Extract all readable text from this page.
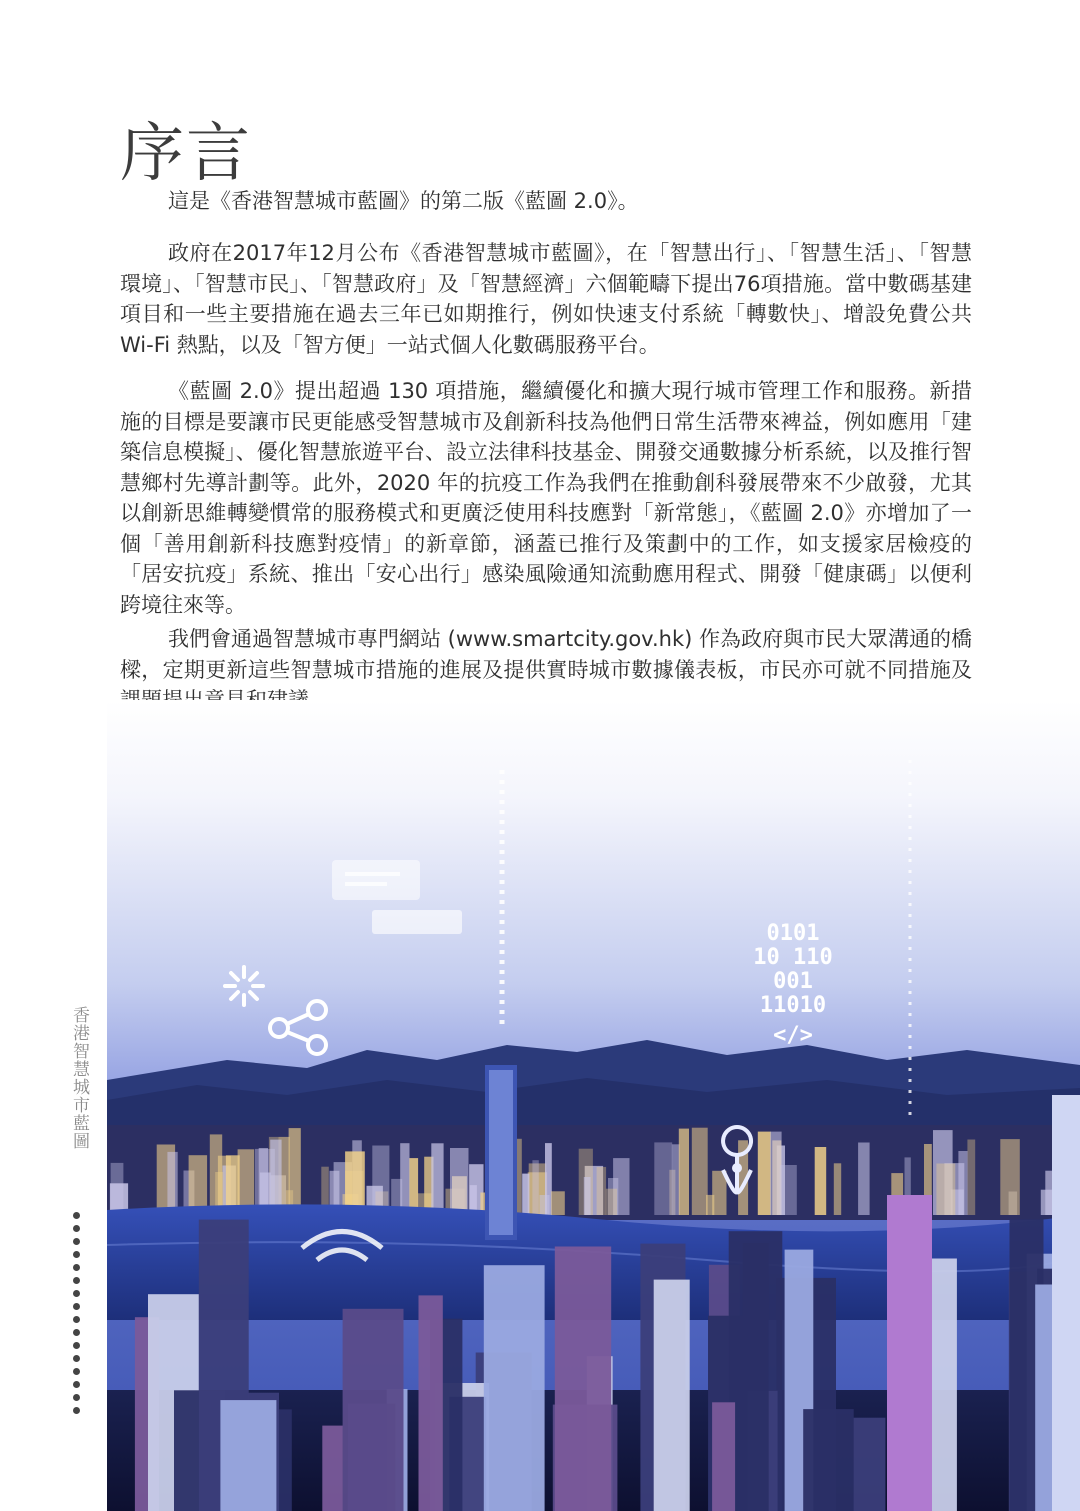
序言

這是《香港智慧城市藍圖》的第二版《藍圖 2.0》。

政府在2017年12月公布《香港智慧城市藍圖》，在「智慧出行」、「智慧生活」、「智慧環境」、「智慧市民」、「智慧政府」及「智慧經濟」六個範疇下提出76項措施。當中數碼基建項目和一些主要措施在過去三年已如期推行，例如快速支付系統「轉數快」、增設免費公共 Wi-Fi 熱點，以及「智方便」一站式個人化數碼服務平台。

《藍圖 2.0》提出超過 130 項措施，繼續優化和擴大現行城市管理工作和服務。新措施的目標是要讓市民更能感受智慧城市及創新科技為他們日常生活帶來裨益，例如應用「建築信息模擬」、優化智慧旅遊平台、設立法律科技基金、開發交通數據分析系統，以及推行智慧鄉村先導計劃等。此外，2020 年的抗疫工作為我們在推動創科發展帶來不少啟發，尤其以創新思維轉變慣常的服務模式和更廣泛使用科技應對「新常態」，《藍圖 2.0》亦增加了一個「善用創新科技應對疫情」的新章節，涵蓋已推行及策劃中的工作，如支援家居檢疫的「居安抗疫」系統、推出「安心出行」感染風險通知流動應用程式、開發「健康碼」以便利跨境往來等。

我們會通過智慧城市專門網站 (www.smartcity.gov.hk) 作為政府與市民大眾溝通的橋樑，定期更新這些智慧城市措施的進展及提供實時城市數據儀表板，市民亦可就不同措施及

香港智慧城市藍圖
0101
10 110
001
11010
</>
